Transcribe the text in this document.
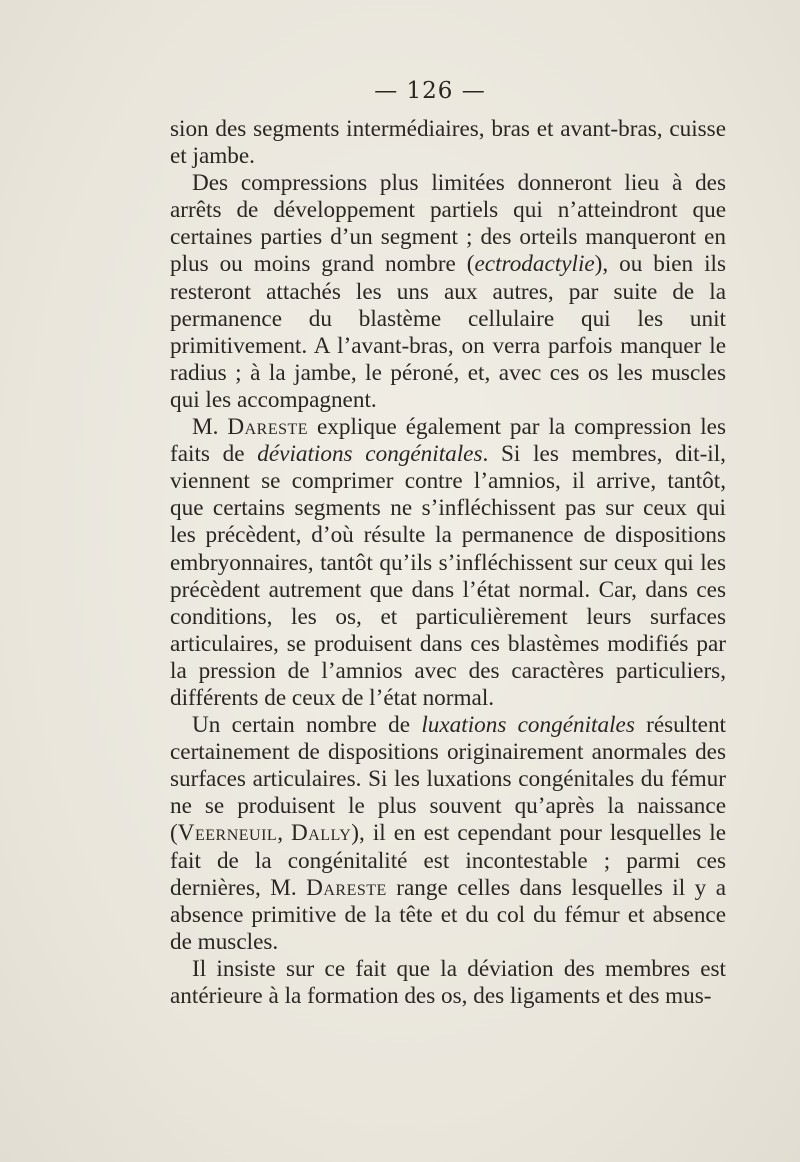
— 126 —

sion des segments intermédiaires, bras et avant-bras, cuisse et jambe.

Des compressions plus limitées donneront lieu à des arrêts de développement partiels qui n’atteindront que certaines parties d’un segment ; des orteils manqueront en plus ou moins grand nombre (ectrodactylie), ou bien ils resteront attachés les uns aux autres, par suite de la permanence du blastème cellulaire qui les unit primitivement. A l’avant-bras, on verra parfois manquer le radius ; à la jambe, le péroné, et, avec ces os les muscles qui les accompagnent.

M. Dareste explique également par la compression les faits de déviations congénitales. Si les membres, dit-il, viennent se comprimer contre l’amnios, il arrive, tantôt, que certains segments ne s’infléchissent pas sur ceux qui les précèdent, d’où résulte la permanence de dispositions embryonnaires, tantôt qu’ils s’infléchissent sur ceux qui les précèdent autrement que dans l’état normal. Car, dans ces conditions, les os, et particulièrement leurs surfaces articulaires, se produisent dans ces blastèmes modifiés par la pression de l’amnios avec des caractères particuliers, différents de ceux de l’état normal.

Un certain nombre de luxations congénitales résultent certainement de dispositions originairement anormales des surfaces articulaires. Si les luxations congénitales du fémur ne se produisent le plus souvent qu’après la naissance (Veerneuil, Dally), il en est cependant pour lesquelles le fait de la congénitalité est incontestable ; parmi ces dernières, M. Dareste range celles dans lesquelles il y a absence primitive de la tête et du col du fémur et absence de muscles.

Il insiste sur ce fait que la déviation des membres est antérieure à la formation des os, des ligaments et des mus-
